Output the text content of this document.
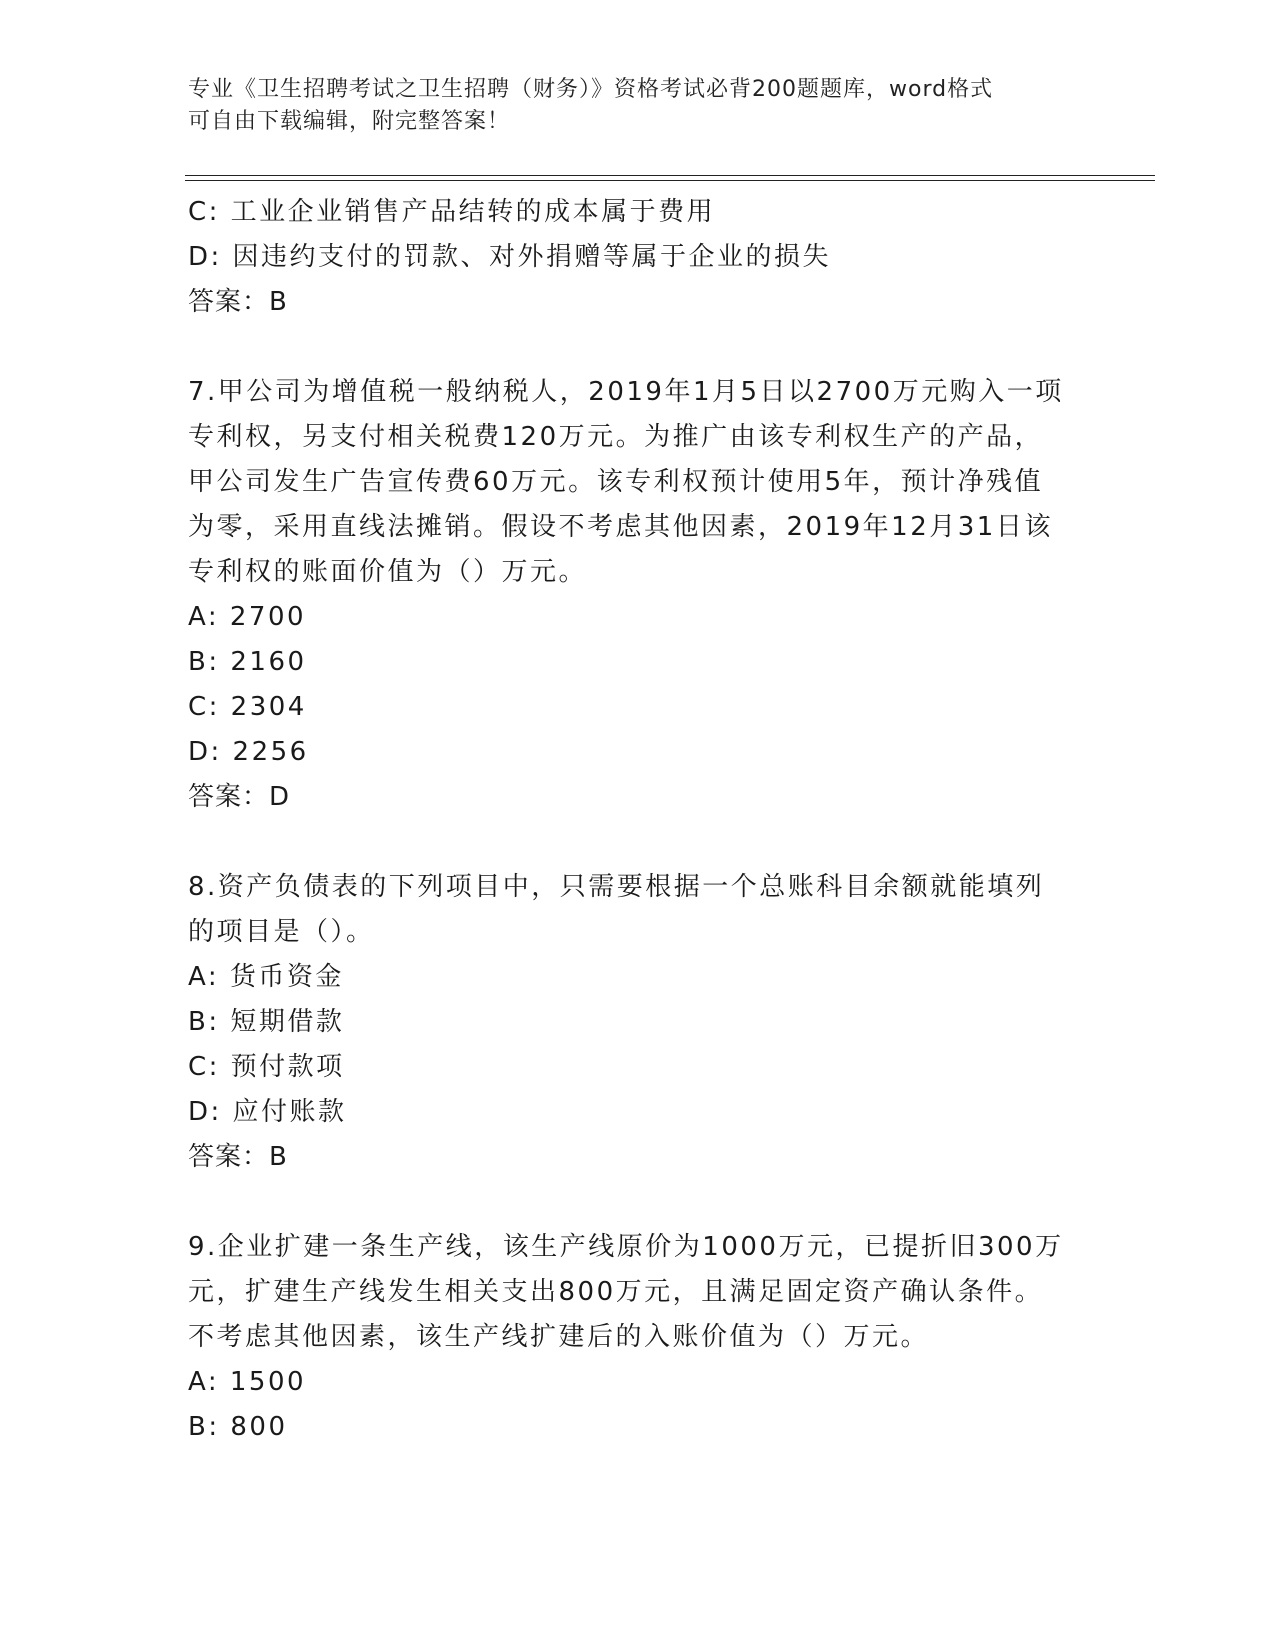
专业《卫生招聘考试之卫生招聘（财务）》资格考试必背200题题库，word格式
可自由下载编辑，附完整答案！
C: 工业企业销售产品结转的成本属于费用
D: 因违约支付的罚款、对外捐赠等属于企业的损失
答案：B
7.甲公司为增值税一般纳税人，2019年1月5日以2700万元购入一项
专利权，另支付相关税费120万元。为推广由该专利权生产的产品，
甲公司发生广告宣传费60万元。该专利权预计使用5年，预计净残值
为零，采用直线法摊销。假设不考虑其他因素，2019年12月31日该
专利权的账面价值为（）万元。
A: 2700
B: 2160
C: 2304
D: 2256
答案：D
8.资产负债表的下列项目中，只需要根据一个总账科目余额就能填列
的项目是（）。
A: 货币资金
B: 短期借款
C: 预付款项
D: 应付账款
答案：B
9.企业扩建一条生产线，该生产线原价为1000万元，已提折旧300万
元，扩建生产线发生相关支出800万元，且满足固定资产确认条件。
不考虑其他因素，该生产线扩建后的入账价值为（）万元。
A: 1500
B: 800
